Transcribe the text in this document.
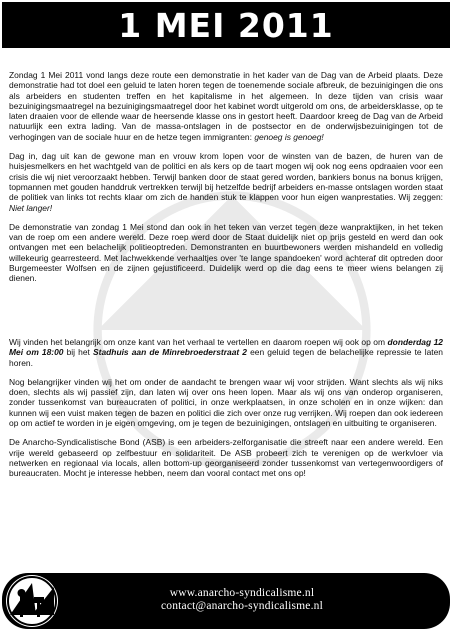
1 MEI 2011

Zondag 1 Mei 2011 vond langs deze route een demonstratie in het kader van de Dag van de Arbeid plaats. Deze demonstratie had tot doel een geluid te laten horen tegen de toenemende sociale afbreuk, de bezuinigingen die ons als arbeiders en studenten treffen en het kapitalisme in het algemeen. In deze tijden van crisis waar bezuinigingsmaatregel na bezuinigingsmaatregel door het kabinet wordt uitgerold om ons, de arbeidersklasse, op te laten draaien voor de ellende waar de heersende klasse ons in gestort heeft. Daardoor kreeg de Dag van de Arbeid natuurlijk een extra lading. Van de massa-ontslagen in de postsector en de onderwijsbezuinigingen tot de verhogingen van de sociale huur en de hetze tegen immigranten: genoeg is genoeg!

Dag in, dag uit kan de gewone man en vrouw krom lopen voor de winsten van de bazen, de huren van de huisjesmelkers en het wachtgeld van de politici en als kers op de taart mogen wij ook nog eens opdraaien voor een crisis die wij niet veroorzaakt hebben. Terwijl banken door de staat gered worden, bankiers bonus na bonus krijgen, topmannen met gouden handdruk vertrekken terwijl bij hetzelfde bedrijf arbeiders en-masse ontslagen worden staat de politiek van links tot rechts klaar om zich de handen stuk te klappen voor hun eigen wanprestaties. Wij zeggen: Niet langer!

De demonstratie van zondag 1 Mei stond dan ook in het teken van verzet tegen deze wanpraktijken, in het teken van de roep om een andere wereld. Deze roep werd door de Staat duidelijk niet op prijs gesteld en werd dan ook ontvangen met een belachelijk politieoptreden. Demonstranten en buurtbewoners werden mishandeld en volledig willekeurig gearresteerd. Met lachwekkende verhaaltjes over 'te lange spandoeken' word achteraf dit optreden door Burgemeester Wolfsen en de zijnen gejustificeerd. Duidelijk werd op die dag eens te meer wiens belangen zij dienen.

Wij vinden het belangrijk om onze kant van het verhaal te vertellen en daarom roepen wij ook op om donderdag 12 Mei om 18:00 bij het Stadhuis aan de Minrebroederstraat 2 een geluid tegen de belachelijke repressie te laten horen.

Nog belangrijker vinden wij het om onder de aandacht te brengen waar wij voor strijden. Want slechts als wij niks doen, slechts als wij passief zijn, dan laten wij over ons heen lopen. Maar als wij ons van onderop organiseren, zonder tussenkomst van bureaucraten of politici, in onze werkplaatsen, in onze scholen en in onze wijken: dan kunnen wij een vuist maken tegen de bazen en politici die zich over onze rug verrijken. Wij roepen dan ook iedereen op om actief te worden in je eigen omgeving, om je tegen de bezuinigingen, ontslagen en uitbuiting te organiseren.

De Anarcho-Syndicalistische Bond (ASB) is een arbeiders-zelforganisatie die streeft naar een andere wereld. Een vrije wereld gebaseerd op zelfbestuur en solidariteit. De ASB probeert zich te verenigen op de werkvloer via netwerken en regionaal via locals, allen bottom-up georganiseerd zonder tussenkomst van vertegenwoordigers of bureaucraten. Mocht je interesse hebben, neem dan vooral contact met ons op!

www.anarcho-syndicalisme.nl
contact@anarcho-syndicalisme.nl
